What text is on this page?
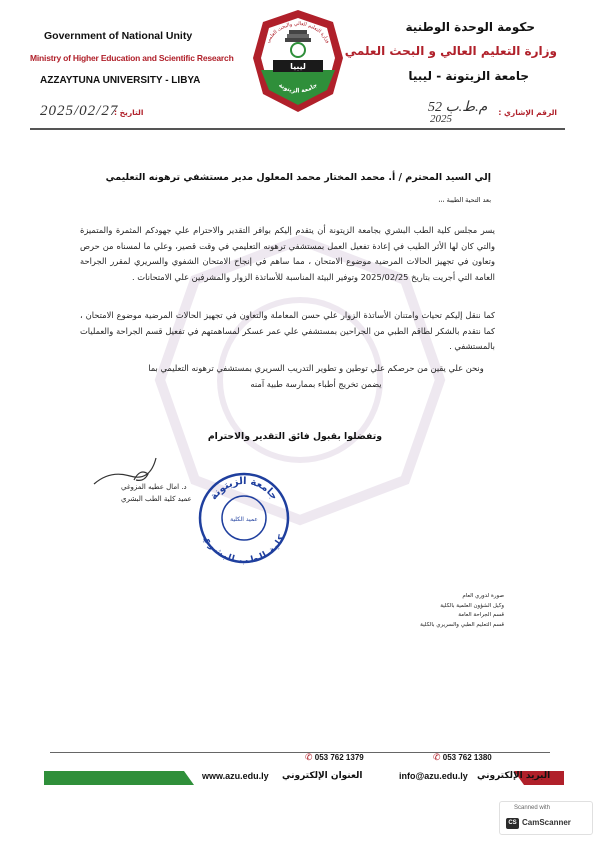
Government of National Unity
Ministry of Higher Education and Scientific Research
AZZAYTUNA UNIVERSITY - LIBYA
حكومة الوحدة الوطنية
وزارة التعليم العالي و البحث العلمي
جامعة الزيتونة - ليبيا
ليبيا
وزارة التعليم العالي والبحث العلمي
جامعة الزيتونة
2025/02/27
التاريخ :	52 م.ط.ب
2025
الرقم الإشاري :
إلي السيد المحترم / أ. محمد المختار محمد المعلول مدير مستشفي ترهونه التعليمي
بعد التحية الطيبة ،،،
يسر مجلس كلية الطب البشري بجامعة الزيتونة أن يتقدم إليكم بوافر التقدير والاحترام علي جهودكم المثمرة والمتميزة والتي كان لها الأثر الطيب في إعادة تفعيل العمل بمستشفي ترهونه التعليمي في وقت قصير، وعلي ما لمسناه من حرص وتعاون في تجهيز الحالات المرضية موضوع الامتحان ، مما ساهم في إنجاح الامتحان الشفوي والسريري لمقرر الجراحة العامة التي أجريت بتاريخ 2025/02/25 وتوفير البيئة المناسبة للأساتذة الزوار والمشرفين علي الامتحانات .
كما ننقل إليكم تحيات وامتنان الأساتذة الزوار علي حسن المعاملة والتعاون في تجهيز الحالات المرضية موضوع الامتحان ، كما نتقدم بالشكر لطاقم الطبي من الجراحين بمستشفي علي عمر عسكر لمساهمتهم في تفعيل قسم الجراحة والعمليات بالمستشفي .
ونحن علي يقين من حرصكم علي توطين و تطوير التدريب السريري بمستشفي ترهونه التعليمي بما يضمن تخريج أطباء بممارسة طبية آمنه
وتفضلوا بقبول فائق التقدير والاحترام
د. امال عطيه المزوغي
عميد كلية الطب البشري جامعة الزيتونة
كلية الطب البشري
عميد الكلية
صورة لدوري العام
وكيل الشؤون العلمية بالكلية
قسم الجراحة العامة
قسم التعليم الطبي والسريري بالكلية
✆ 053 762 1379	✆ 053 762 1380
www.azu.edu.ly العنوان الإلكتروني	info@azu.edu.ly البريد الإلكتروني
Scanned with
CS CamScanner
